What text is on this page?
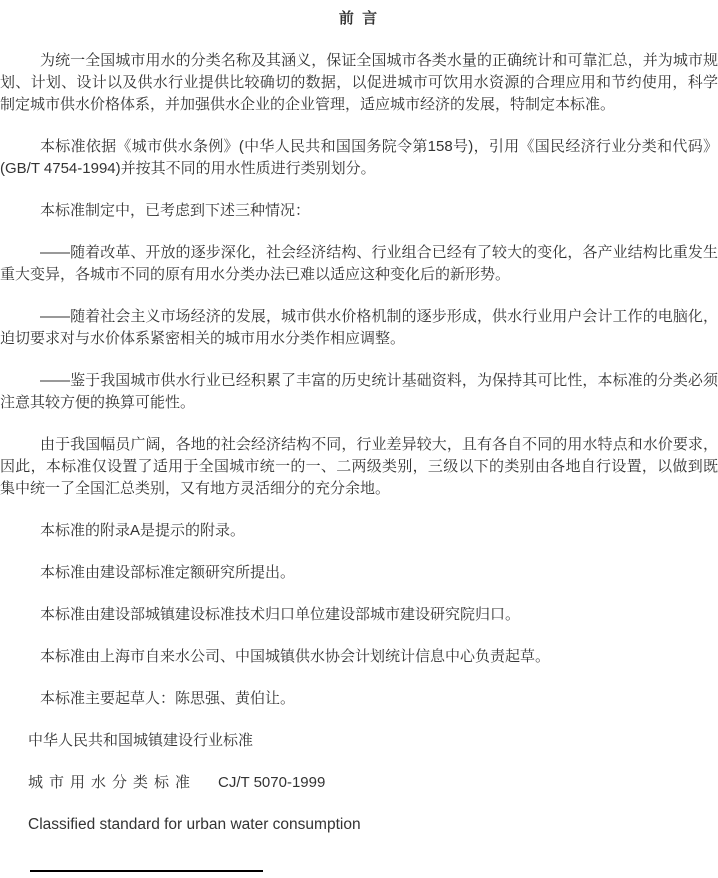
前 言

为统一全国城市用水的分类名称及其涵义，保证全国城市各类水量的正确统计和可靠汇总，并为城市规划、计划、设计以及供水行业提供比较确切的数据，以促进城市可饮用水资源的合理应用和节约使用，科学制定城市供水价格体系，并加强供水企业的企业管理，适应城市经济的发展，特制定本标准。

本标准依据《城市供水条例》(中华人民共和国国务院令第158号)，引用《国民经济行业分类和代码》(GB/T 4754-1994)并按其不同的用水性质进行类别划分。

本标准制定中，已考虑到下述三种情况：

——随着改革、开放的逐步深化，社会经济结构、行业组合已经有了较大的变化，各产业结构比重发生重大变异，各城市不同的原有用水分类办法已难以适应这种变化后的新形势。

——随着社会主义市场经济的发展，城市供水价格机制的逐步形成，供水行业用户会计工作的电脑化，迫切要求对与水价体系紧密相关的城市用水分类作相应调整。

——鉴于我国城市供水行业已经积累了丰富的历史统计基础资料，为保持其可比性，本标准的分类必须注意其较方便的换算可能性。

由于我国幅员广阔，各地的社会经济结构不同，行业差异较大，且有各自不同的用水特点和水价要求，因此，本标准仅设置了适用于全国城市统一的一、二两级类别，三级以下的类别由各地自行设置，以做到既集中统一了全国汇总类别，又有地方灵活细分的充分余地。

本标准的附录A是提示的附录。

本标准由建设部标准定额研究所提出。

本标准由建设部城镇建设标准技术归口单位建设部城市建设研究院归口。

本标准由上海市自来水公司、中国城镇供水协会计划统计信息中心负责起草。

本标准主要起草人：陈思强、黄伯让。

中华人民共和国城镇建设行业标准

城市用水分类标准 CJ/T 5070-1999

Classified standard for urban water consumption
